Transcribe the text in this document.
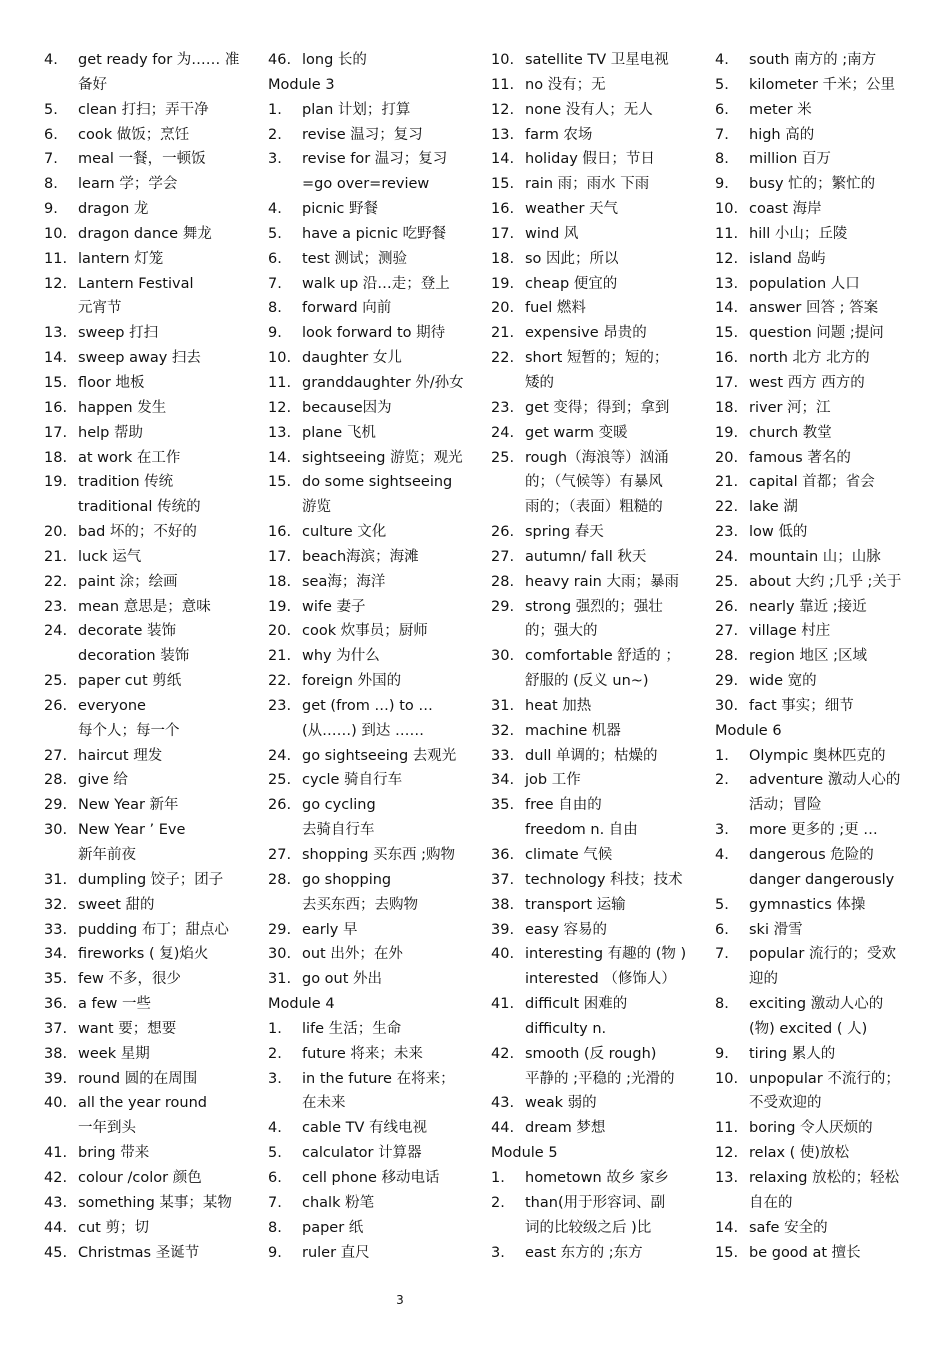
4.	get ready for 为…… 准
备好
5.	clean 打扫；弄干净
6.	cook 做饭；烹饪
7.	meal 一餐，一顿饭
8.	learn 学；学会
9.	dragon 龙
10. dragon dance 舞龙
11. lantern 灯笼
12. Lantern Festival
元宵节
13. sweep 打扫
14. sweep away 扫去
15. floor 地板
16. happen 发生
17. help 帮助
18. at work 在工作
19. tradition 传统
traditional 传统的
20. bad 坏的；不好的
21. luck 运气
22. paint 涂；绘画
23. mean 意思是；意味
24. decorate 装饰
decoration 装饰
25. paper cut 剪纸
26. everyone
每个人；每一个
27. haircut 理发
28. give 给
29. New Year 新年
30. New Year ’ Eve
新年前夜
31. dumpling 饺子；团子
32. sweet 甜的
33. pudding 布丁；甜点心
34. fireworks ( 复)焰火
35. few 不多，很少
36. a few 一些
37. want 要；想要
38. week 星期
39. round 圆的在周围
40. all the year round
一年到头
41. bring 带来
42. colour /color 颜色
43. something 某事；某物
44. cut 剪；切
45. Christmas 圣诞节
46. long 长的
Module 3
1.	plan 计划；打算
2.	revise 温习；复习
3.	revise for 温习；复习
=go over=review
4.	picnic 野餐
5.	have a picnic 吃野餐
6.	test 测试；测验
7.	walk up 沿…走；登上
8.	forward 向前
9.	look forward to 期待
10. daughter 女儿
11. granddaughter 外/孙女
12. because因为
13. plane 飞机
14. sightseeing 游览；观光
15. do some sightseeing
游览
16. culture 文化
17. beach海滨；海滩
18. sea海；海洋
19. wife 妻子
20. cook 炊事员；厨师
21. why 为什么
22. foreign 外国的
23. get (from …) to …
(从……) 到达 ……
24. go sightseeing 去观光
25. cycle 骑自行车
26. go cycling
去骑自行车
27. shopping 买东西 ;购物
28. go shopping
去买东西；去购物
29. early 早
30. out 出外；在外
31. go out 外出
Module 4
1.	life 生活；生命
2.	future 将来；未来
3.	in the future 在将来；
在未来
4.	cable TV 有线电视
5.	calculator 计算器
6.	cell phone 移动电话
7.	chalk 粉笔
8.	paper 纸
9.	ruler 直尺
10. satellite TV 卫星电视
11. no 没有；无
12. none 没有人；无人
13. farm 农场
14. holiday 假日；节日
15. rain 雨；雨水 下雨
16. weather 天气
17. wind 风
18. so 因此；所以
19. cheap 便宜的
20. fuel 燃料
21. expensive 昂贵的
22. short 短暂的；短的；
矮的
23. get 变得；得到；拿到
24. get warm 变暖
25. rough（海浪等）汹涌
的；（气候等）有暴风
雨的；（表面）粗糙的
26. spring 春天
27. autumn/ fall 秋天
28. heavy rain 大雨；暴雨
29. strong 强烈的；强壮
的；强大的
30. comfortable 舒适的 ；
舒服的 (反义 un~)
31. heat 加热
32. machine 机器
33. dull 单调的；枯燥的
34. job 工作
35. free 自由的
freedom n. 自由
36. climate 气候
37. technology 科技；技术
38. transport 运输
39. easy 容易的
40. interesting 有趣的 (物 )
interested （修饰人）
41. difficult 困难的
difficulty n.
42. smooth (反 rough)
平静的 ;平稳的 ;光滑的
43. weak 弱的
44. dream 梦想
Module 5
1.	hometown 故乡 家乡
2.	than(用于形容词、副
词的比较级之后 )比
3.	east 东方的 ;东方
4.	south 南方的 ;南方
5.	kilometer 千米；公里
6.	meter 米
7.	high 高的
8.	million 百万
9.	busy 忙的；繁忙的
10. coast 海岸
11. hill 小山；丘陵
12. island 岛屿
13. population 人口
14. answer 回答 ; 答案
15. question 问题 ;提问
16. north 北方 北方的
17. west 西方 西方的
18. river 河；江
19. church 教堂
20. famous 著名的
21. capital 首都；省会
22. lake 湖
23. low 低的
24. mountain 山；山脉
25. about 大约 ;几乎 ;关于
26. nearly 靠近 ;接近
27. village 村庄
28. region 地区 ;区域
29. wide 宽的
30. fact 事实；细节
Module 6
1.	Olympic 奥林匹克的
2.	adventure 激动人心的
活动；冒险
3.	more 更多的 ;更 …
4.	dangerous 危险的
danger dangerously
5.	gymnastics 体操
6.	ski 滑雪
7.	popular 流行的；受欢
迎的
8.	exciting 激动人心的
(物) excited ( 人)
9.	tiring 累人的
10. unpopular 不流行的；
不受欢迎的
11. boring 令人厌烦的
12. relax ( 使)放松
13. relaxing 放松的；轻松
自在的
14. safe 安全的
15. be good at 擅长
3
